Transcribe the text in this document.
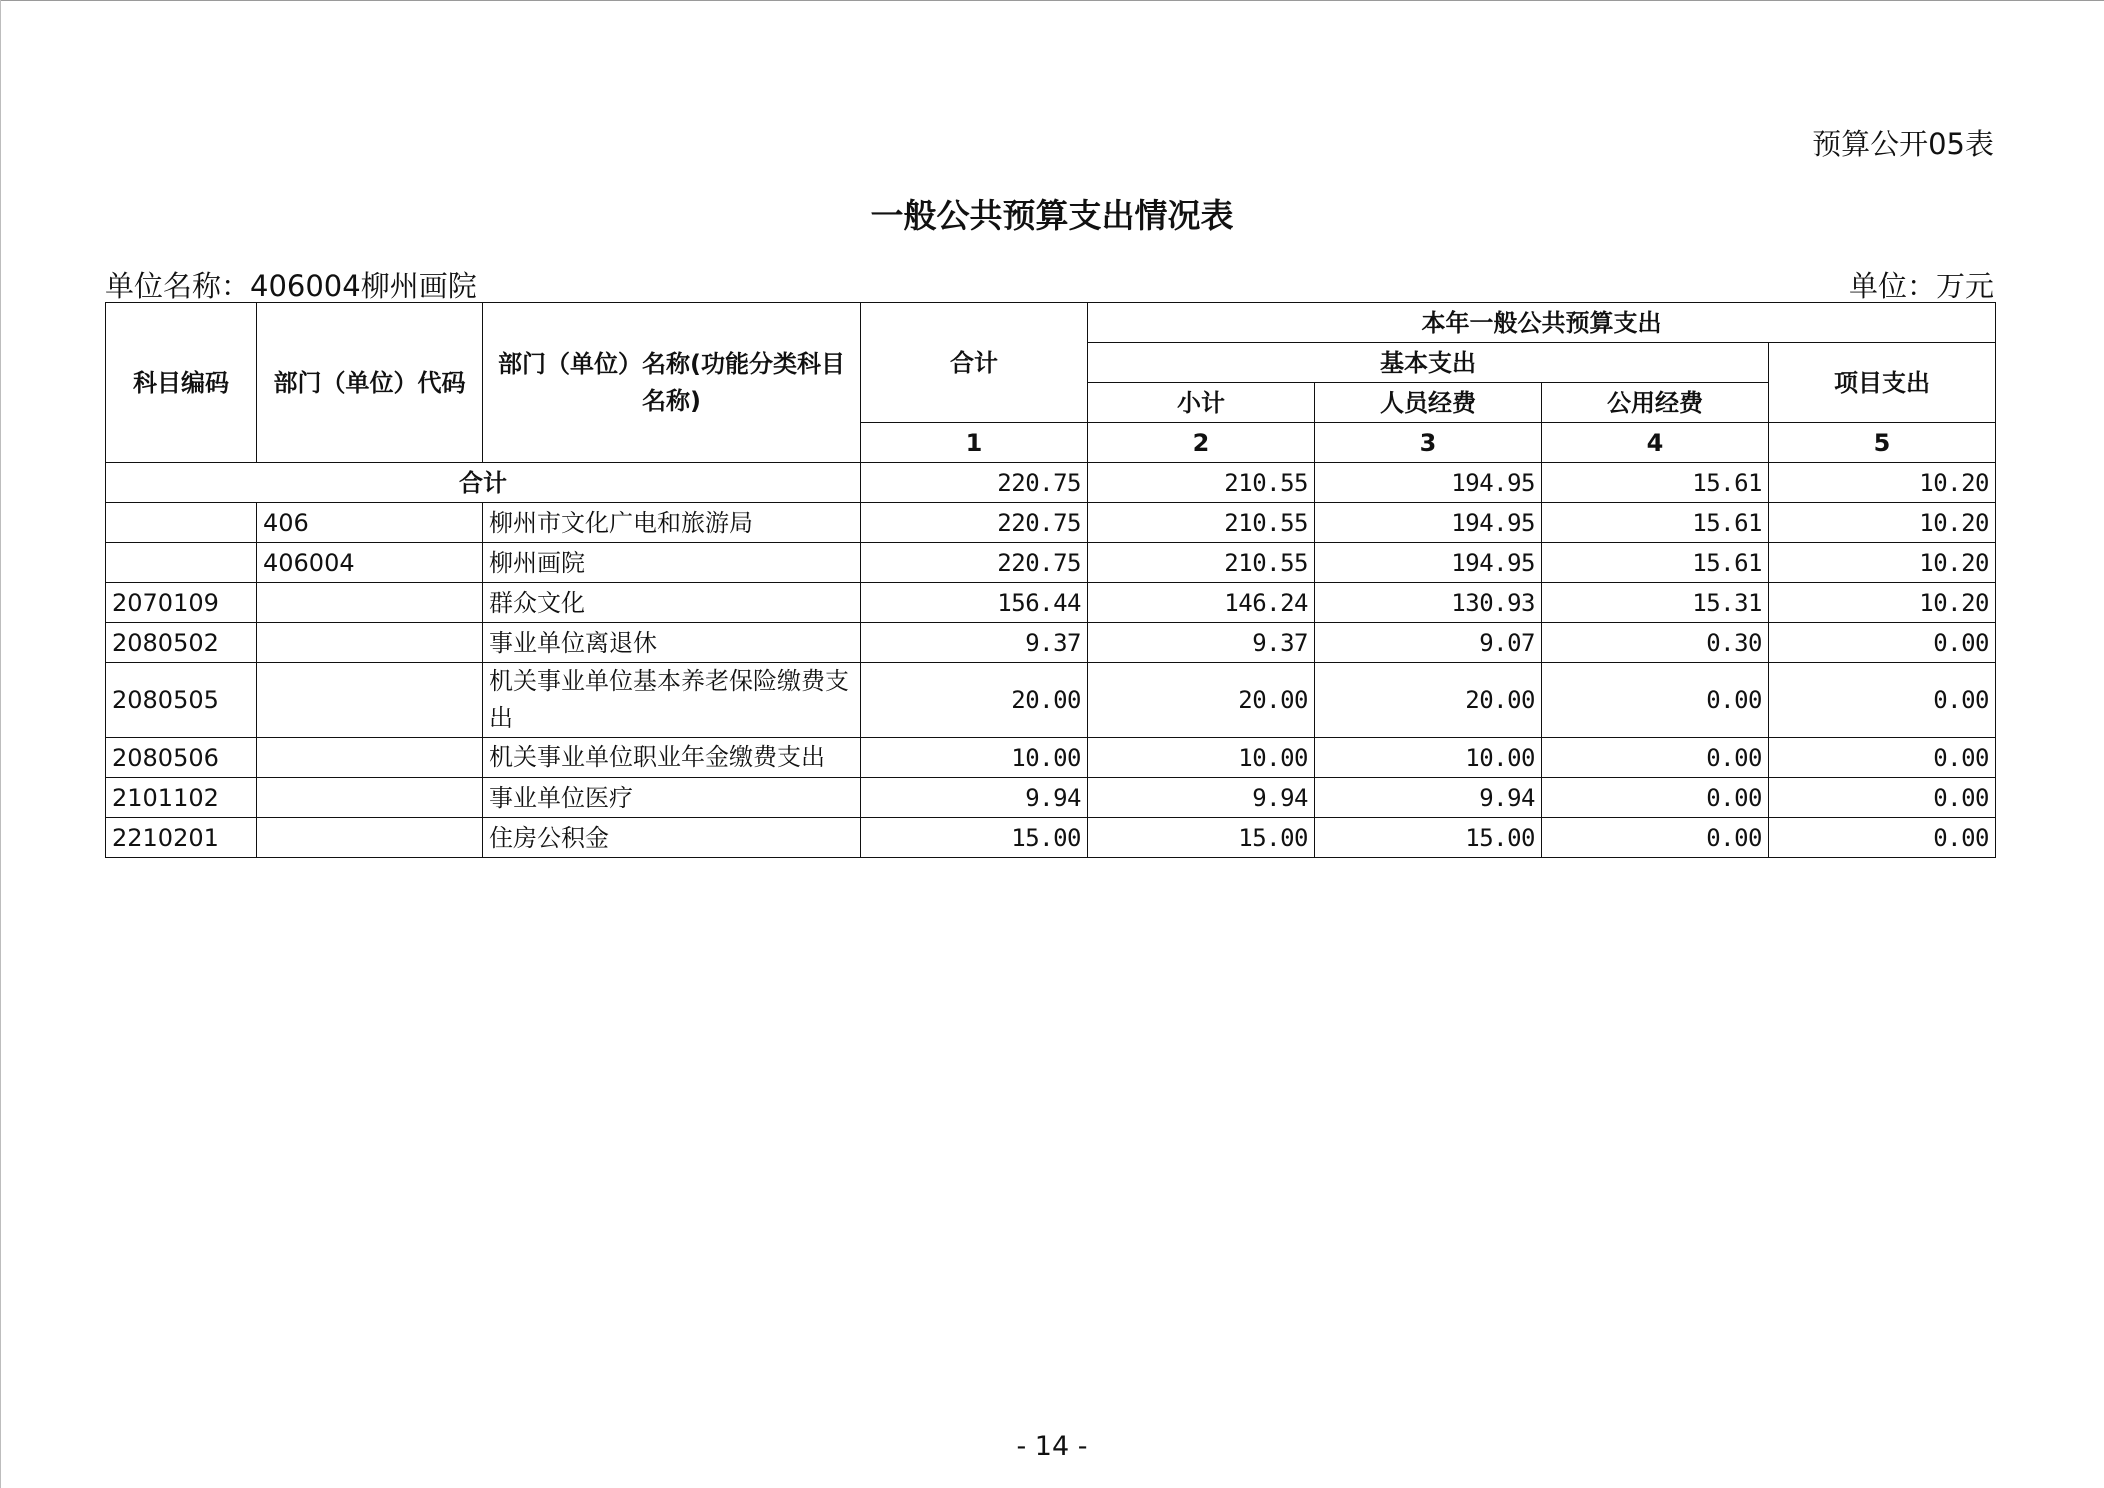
预算公开05表
一般公共预算支出情况表
单位名称：406004柳州画院	单位：万元
科目编码	部门（单位）代码	部门（单位）名称(功能分类科目名称)	合计	本年一般公共预算支出			
				基本支出			项目支出
				小计	人员经费	公用经费	
			1	2	3	4	5
合计			220.75	210.55	194.95	15.61	10.20
	406	柳州市文化广电和旅游局	220.75	210.55	194.95	15.61	10.20
	406004	柳州画院	220.75	210.55	194.95	15.61	10.20
2070109		群众文化	156.44	146.24	130.93	15.31	10.20
2080502		事业单位离退休	9.37	9.37	9.07	0.30	0.00
2080505		机关事业单位基本养老保险缴费支出	20.00	20.00	20.00	0.00	0.00
2080506		机关事业单位职业年金缴费支出	10.00	10.00	10.00	0.00	0.00
2101102		事业单位医疗	9.94	9.94	9.94	0.00	0.00
2210201		住房公积金	15.00	15.00	15.00	0.00	0.00
- 14 -
